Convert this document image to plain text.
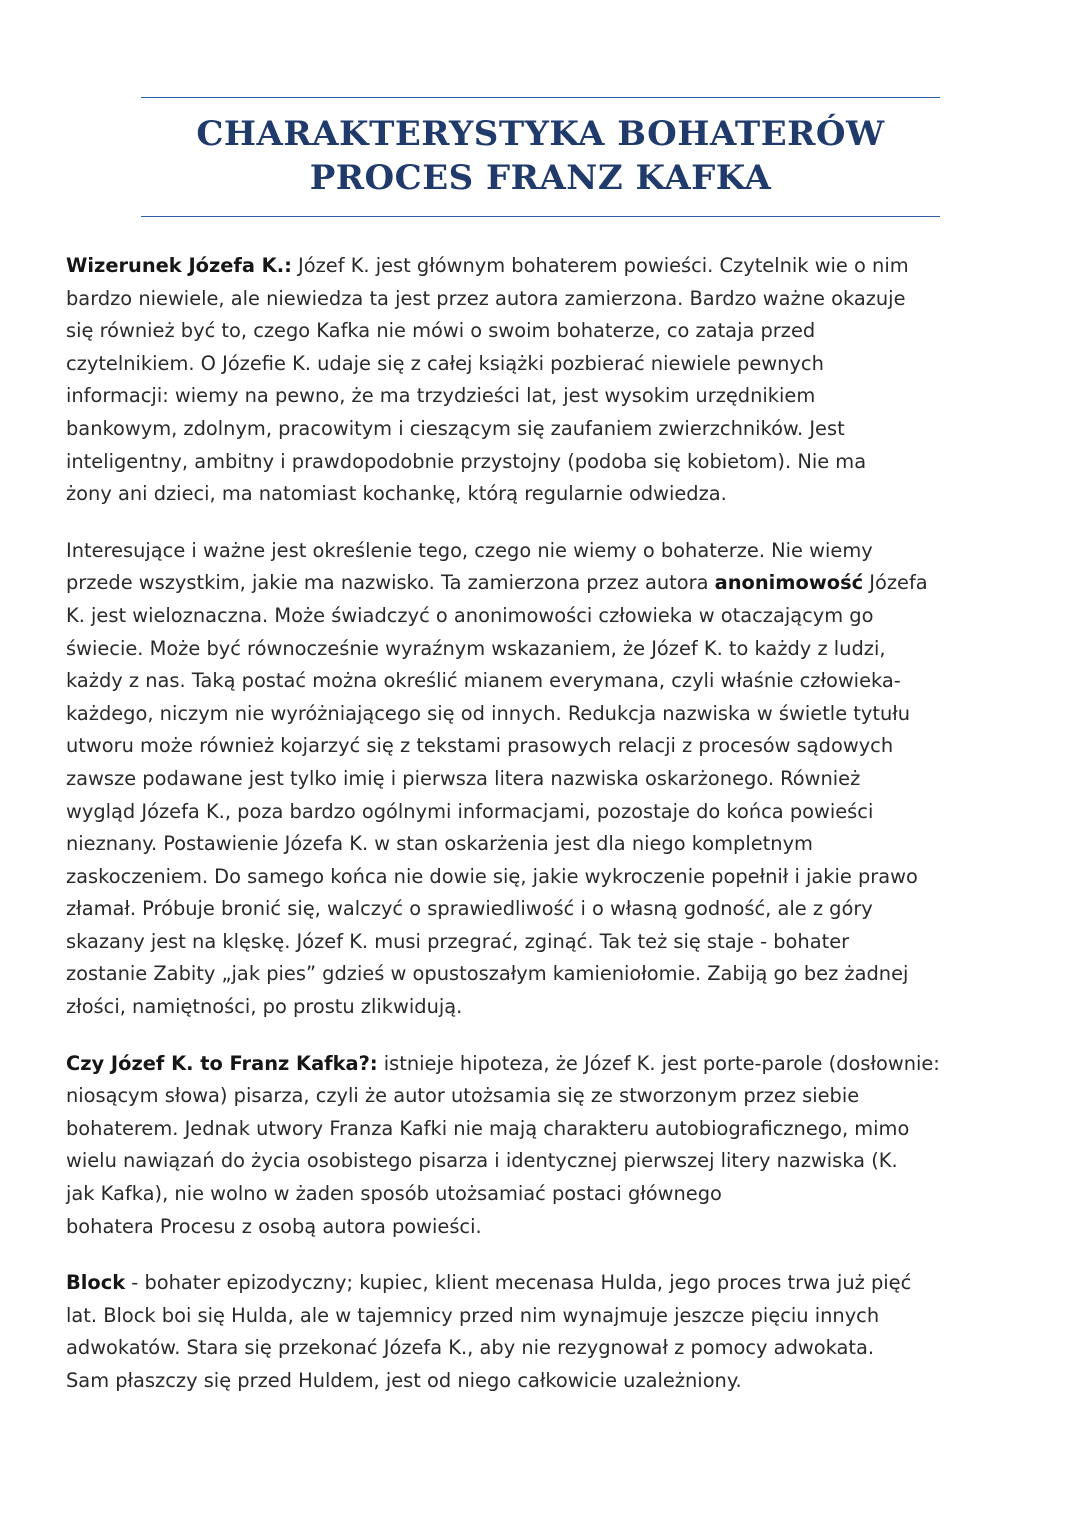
CHARAKTERYSTYKA BOHATERÓW
PROCES FRANZ KAFKA

Wizerunek Józefa K.: Józef K. jest głównym bohaterem powieści. Czytelnik wie o nim
bardzo niewiele, ale niewiedza ta jest przez autora zamierzona. Bardzo ważne okazuje
się również być to, czego Kafka nie mówi o swoim bohaterze, co zataja przed
czytelnikiem. O Józefie K. udaje się z całej książki pozbierać niewiele pewnych
informacji: wiemy na pewno, że ma trzydzieści lat, jest wysokim urzędnikiem
bankowym, zdolnym, pracowitym i cieszącym się zaufaniem zwierzchników. Jest
inteligentny, ambitny i prawdopodobnie przystojny (podoba się kobietom). Nie ma
żony ani dzieci, ma natomiast kochankę, którą regularnie odwiedza.

Interesujące i ważne jest określenie tego, czego nie wiemy o bohaterze. Nie wiemy
przede wszystkim, jakie ma nazwisko. Ta zamierzona przez autora anonimowość Józefa
K. jest wieloznaczna. Może świadczyć o anonimowości człowieka w otaczającym go
świecie. Może być równocześnie wyraźnym wskazaniem, że Józef K. to każdy z ludzi,
każdy z nas. Taką postać można określić mianem everymana, czyli właśnie człowieka-
każdego, niczym nie wyróżniającego się od innych. Redukcja nazwiska w świetle tytułu
utworu może również kojarzyć się z tekstami prasowych relacji z procesów sądowych
zawsze podawane jest tylko imię i pierwsza litera nazwiska oskarżonego. Również
wygląd Józefa K., poza bardzo ogólnymi informacjami, pozostaje do końca powieści
nieznany. Postawienie Józefa K. w stan oskarżenia jest dla niego kompletnym
zaskoczeniem. Do samego końca nie dowie się, jakie wykroczenie popełnił i jakie prawo
złamał. Próbuje bronić się, walczyć o sprawiedliwość i o własną godność, ale z góry
skazany jest na klęskę. Józef K. musi przegrać, zginąć. Tak też się staje - bohater
zostanie Zabity „jak pies” gdzieś w opustoszałym kamieniołomie. Zabiją go bez żadnej
złości, namiętności, po prostu zlikwidują.

Czy Józef K. to Franz Kafka?: istnieje hipoteza, że Józef K. jest porte-parole (dosłownie:
niosącym słowa) pisarza, czyli że autor utożsamia się ze stworzonym przez siebie
bohaterem. Jednak utwory Franza Kafki nie mają charakteru autobiograficznego, mimo
wielu nawiązań do życia osobistego pisarza i identycznej pierwszej litery nazwiska (K.
jak Kafka), nie wolno w żaden sposób utożsamiać postaci głównego
bohatera Procesu z osobą autora powieści.

Block - bohater epizodyczny; kupiec, klient mecenasa Hulda, jego proces trwa już pięć
lat. Block boi się Hulda, ale w tajemnicy przed nim wynajmuje jeszcze pięciu innych
adwokatów. Stara się przekonać Józefa K., aby nie rezygnował z pomocy adwokata.
Sam płaszczy się przed Huldem, jest od niego całkowicie uzależniony.
